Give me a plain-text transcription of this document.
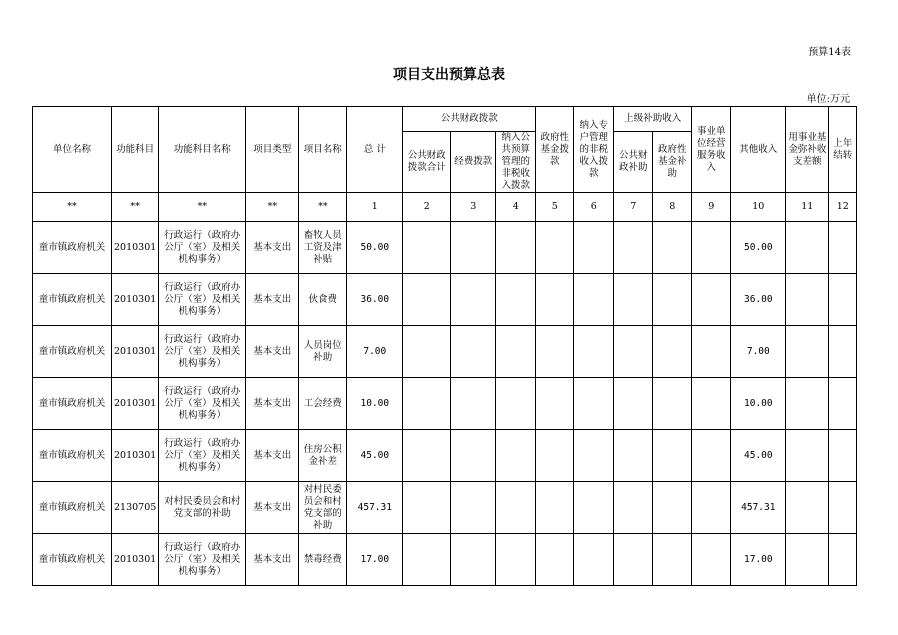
预算14表
项目支出预算总表
单位:万元
单位名称	功能科目	功能科目名称	项目类型	项目名称	总 计	公共财政拨款			政府性基金拨款	纳入专户管理的非税收入拨款	上级补助收入		事业单位经营服务收入	其他收入	用事业基金弥补收支差额	上年结转
						公共财政拨款合计	经费拨款	纳入公共预算管理的非税收入拨款			公共财政补助	政府性基金补助				
**	**	**	**	**	1	2	3	4	5	6	7	8	9	10	11	12
童市镇政府机关	2010301	行政运行（政府办公厅（室）及相关机构事务）	基本支出	畜牧人员工资及津补贴	50.00									50.00		
童市镇政府机关	2010301	行政运行（政府办公厅（室）及相关机构事务）	基本支出	伙食费	36.00									36.00		
童市镇政府机关	2010301	行政运行（政府办公厅（室）及相关机构事务）	基本支出	人员岗位补助	7.00									7.00		
童市镇政府机关	2010301	行政运行（政府办公厅（室）及相关机构事务）	基本支出	工会经费	10.00									10.00		
童市镇政府机关	2010301	行政运行（政府办公厅（室）及相关机构事务）	基本支出	住房公积金补差	45.00									45.00		
童市镇政府机关	2130705	对村民委员会和村党支部的补助	基本支出	对村民委员会和村党支部的补助	457.31									457.31		
童市镇政府机关	2010301	行政运行（政府办公厅（室）及相关机构事务）	基本支出	禁毒经费	17.00									17.00		
